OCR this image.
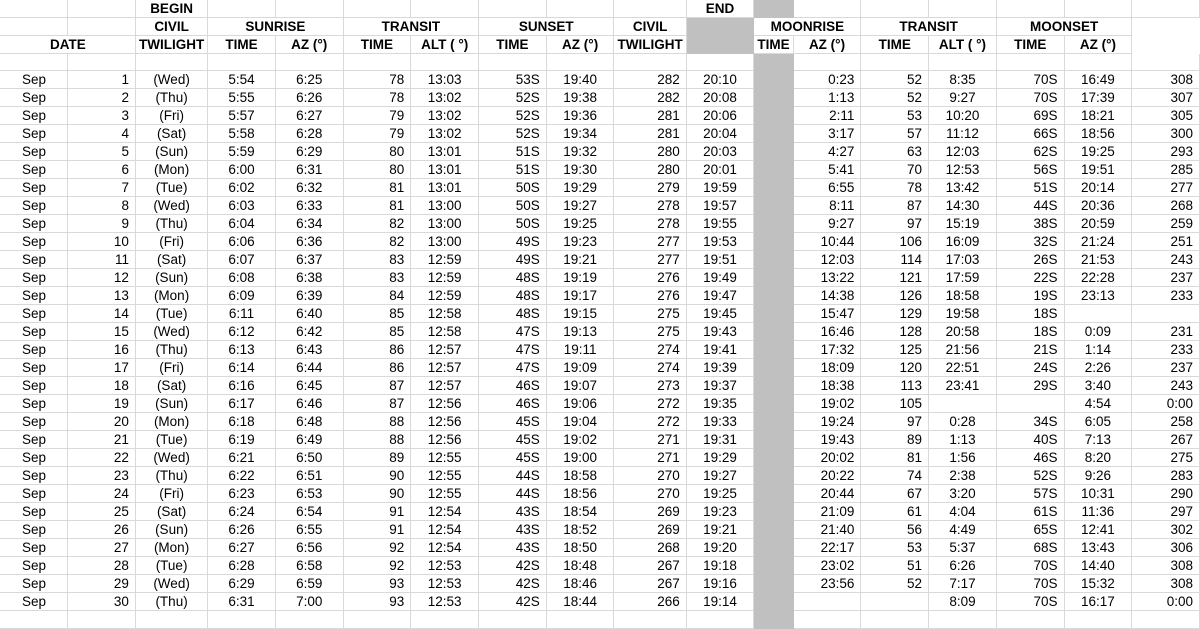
		BEGIN								END							
		CIVIL	SUNRISE		TRANSIT		SUNSET		CIVIL		MOONRISE		TRANSIT		MOONSET		
DATE		TWILIGHT	TIME	AZ (°)	TIME	ALT ( °)	TIME	AZ (°)	TWILIGHT		TIME	AZ (°)	TIME	ALT ( °)	TIME	AZ (°)	

Sep	1	(Wed)	5:54	6:25	78	13:03	53S	19:40	282	20:10		0:23	52	8:35	70S	16:49	308
Sep	2	(Thu)	5:55	6:26	78	13:02	52S	19:38	282	20:08		1:13	52	9:27	70S	17:39	307
Sep	3	(Fri)	5:57	6:27	79	13:02	52S	19:36	281	20:06		2:11	53	10:20	69S	18:21	305
Sep	4	(Sat)	5:58	6:28	79	13:02	52S	19:34	281	20:04		3:17	57	11:12	66S	18:56	300
Sep	5	(Sun)	5:59	6:29	80	13:01	51S	19:32	280	20:03		4:27	63	12:03	62S	19:25	293
Sep	6	(Mon)	6:00	6:31	80	13:01	51S	19:30	280	20:01		5:41	70	12:53	56S	19:51	285
Sep	7	(Tue)	6:02	6:32	81	13:01	50S	19:29	279	19:59		6:55	78	13:42	51S	20:14	277
Sep	8	(Wed)	6:03	6:33	81	13:00	50S	19:27	278	19:57		8:11	87	14:30	44S	20:36	268
Sep	9	(Thu)	6:04	6:34	82	13:00	50S	19:25	278	19:55		9:27	97	15:19	38S	20:59	259
Sep	10	(Fri)	6:06	6:36	82	13:00	49S	19:23	277	19:53		10:44	106	16:09	32S	21:24	251
Sep	11	(Sat)	6:07	6:37	83	12:59	49S	19:21	277	19:51		12:03	114	17:03	26S	21:53	243
Sep	12	(Sun)	6:08	6:38	83	12:59	48S	19:19	276	19:49		13:22	121	17:59	22S	22:28	237
Sep	13	(Mon)	6:09	6:39	84	12:59	48S	19:17	276	19:47		14:38	126	18:58	19S	23:13	233
Sep	14	(Tue)	6:11	6:40	85	12:58	48S	19:15	275	19:45		15:47	129	19:58	18S		
Sep	15	(Wed)	6:12	6:42	85	12:58	47S	19:13	275	19:43		16:46	128	20:58	18S	0:09	231
Sep	16	(Thu)	6:13	6:43	86	12:57	47S	19:11	274	19:41		17:32	125	21:56	21S	1:14	233
Sep	17	(Fri)	6:14	6:44	86	12:57	47S	19:09	274	19:39		18:09	120	22:51	24S	2:26	237
Sep	18	(Sat)	6:16	6:45	87	12:57	46S	19:07	273	19:37		18:38	113	23:41	29S	3:40	243
Sep	19	(Sun)	6:17	6:46	87	12:56	46S	19:06	272	19:35		19:02	105			4:54	0:00
Sep	20	(Mon)	6:18	6:48	88	12:56	45S	19:04	272	19:33		19:24	97	0:28	34S	6:05	258
Sep	21	(Tue)	6:19	6:49	88	12:56	45S	19:02	271	19:31		19:43	89	1:13	40S	7:13	267
Sep	22	(Wed)	6:21	6:50	89	12:55	45S	19:00	271	19:29		20:02	81	1:56	46S	8:20	275
Sep	23	(Thu)	6:22	6:51	90	12:55	44S	18:58	270	19:27		20:22	74	2:38	52S	9:26	283
Sep	24	(Fri)	6:23	6:53	90	12:55	44S	18:56	270	19:25		20:44	67	3:20	57S	10:31	290
Sep	25	(Sat)	6:24	6:54	91	12:54	43S	18:54	269	19:23		21:09	61	4:04	61S	11:36	297
Sep	26	(Sun)	6:26	6:55	91	12:54	43S	18:52	269	19:21		21:40	56	4:49	65S	12:41	302
Sep	27	(Mon)	6:27	6:56	92	12:54	43S	18:50	268	19:20		22:17	53	5:37	68S	13:43	306
Sep	28	(Tue)	6:28	6:58	92	12:53	42S	18:48	267	19:18		23:02	51	6:26	70S	14:40	308
Sep	29	(Wed)	6:29	6:59	93	12:53	42S	18:46	267	19:16		23:56	52	7:17	70S	15:32	308
Sep	30	(Thu)	6:31	7:00	93	12:53	42S	18:44	266	19:14				8:09	70S	16:17	0:00
